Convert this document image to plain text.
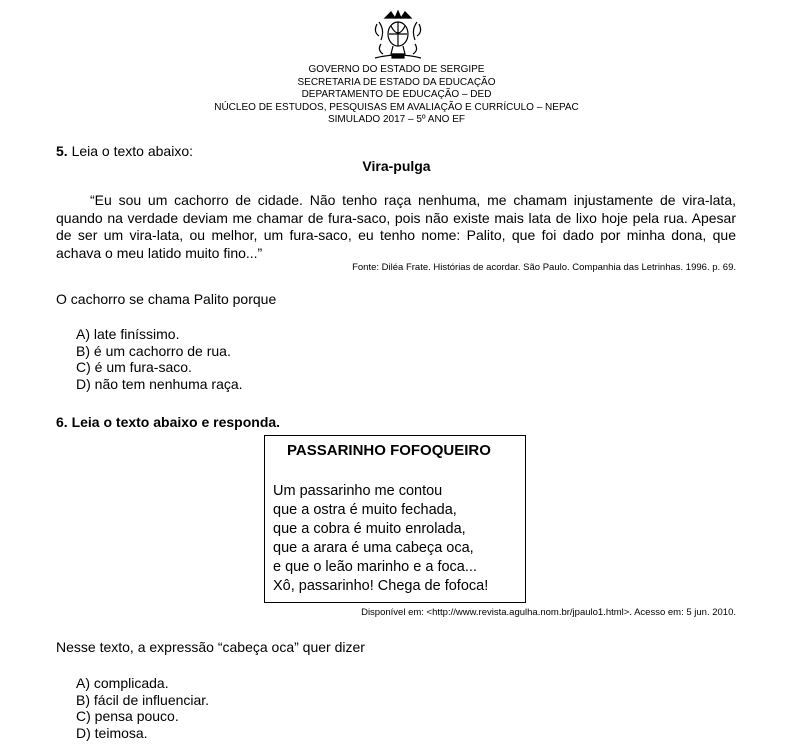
GOVERNO DO ESTADO DE SERGIPE
SECRETARIA DE ESTADO DA EDUCAÇÃO
DEPARTAMENTO DE EDUCAÇÃO – DED
NÚCLEO DE ESTUDOS, PESQUISAS EM AVALIAÇÃO E CURRÍCULO – NEPAC
SIMULADO 2017 – 5º ANO EF
5. Leia o texto abaixo:
Vira-pulga
“Eu sou um cachorro de cidade. Não tenho raça nenhuma, me chamam injustamente de vira-lata, quando na verdade deviam me chamar de fura-saco, pois não existe mais lata de lixo hoje pela rua. Apesar de ser um vira-lata, ou melhor, um fura-saco, eu tenho nome: Palito, que foi dado por minha dona, que achava o meu latido muito fino...”
Fonte: Diléa Frate. Histórias de acordar. São Paulo. Companhia das Letrinhas. 1996. p. 69.
O cachorro se chama Palito porque
A) late finíssimo.
B) é um cachorro de rua.
C) é um fura-saco.
D) não tem nenhuma raça.
6. Leia o texto abaixo e responda.
PASSARINHO FOFOQUEIRO
Um passarinho me contou
que a ostra é muito fechada,
que a cobra é muito enrolada,
que a arara é uma cabeça oca,
e que o leão marinho e a foca...
Xô, passarinho! Chega de fofoca!
Disponível em: <http://www.revista.agulha.nom.br/jpaulo1.html>. Acesso em: 5 jun. 2010.
Nesse texto, a expressão “cabeça oca” quer dizer
A) complicada.
B) fácil de influenciar.
C) pensa pouco.
D) teimosa.
